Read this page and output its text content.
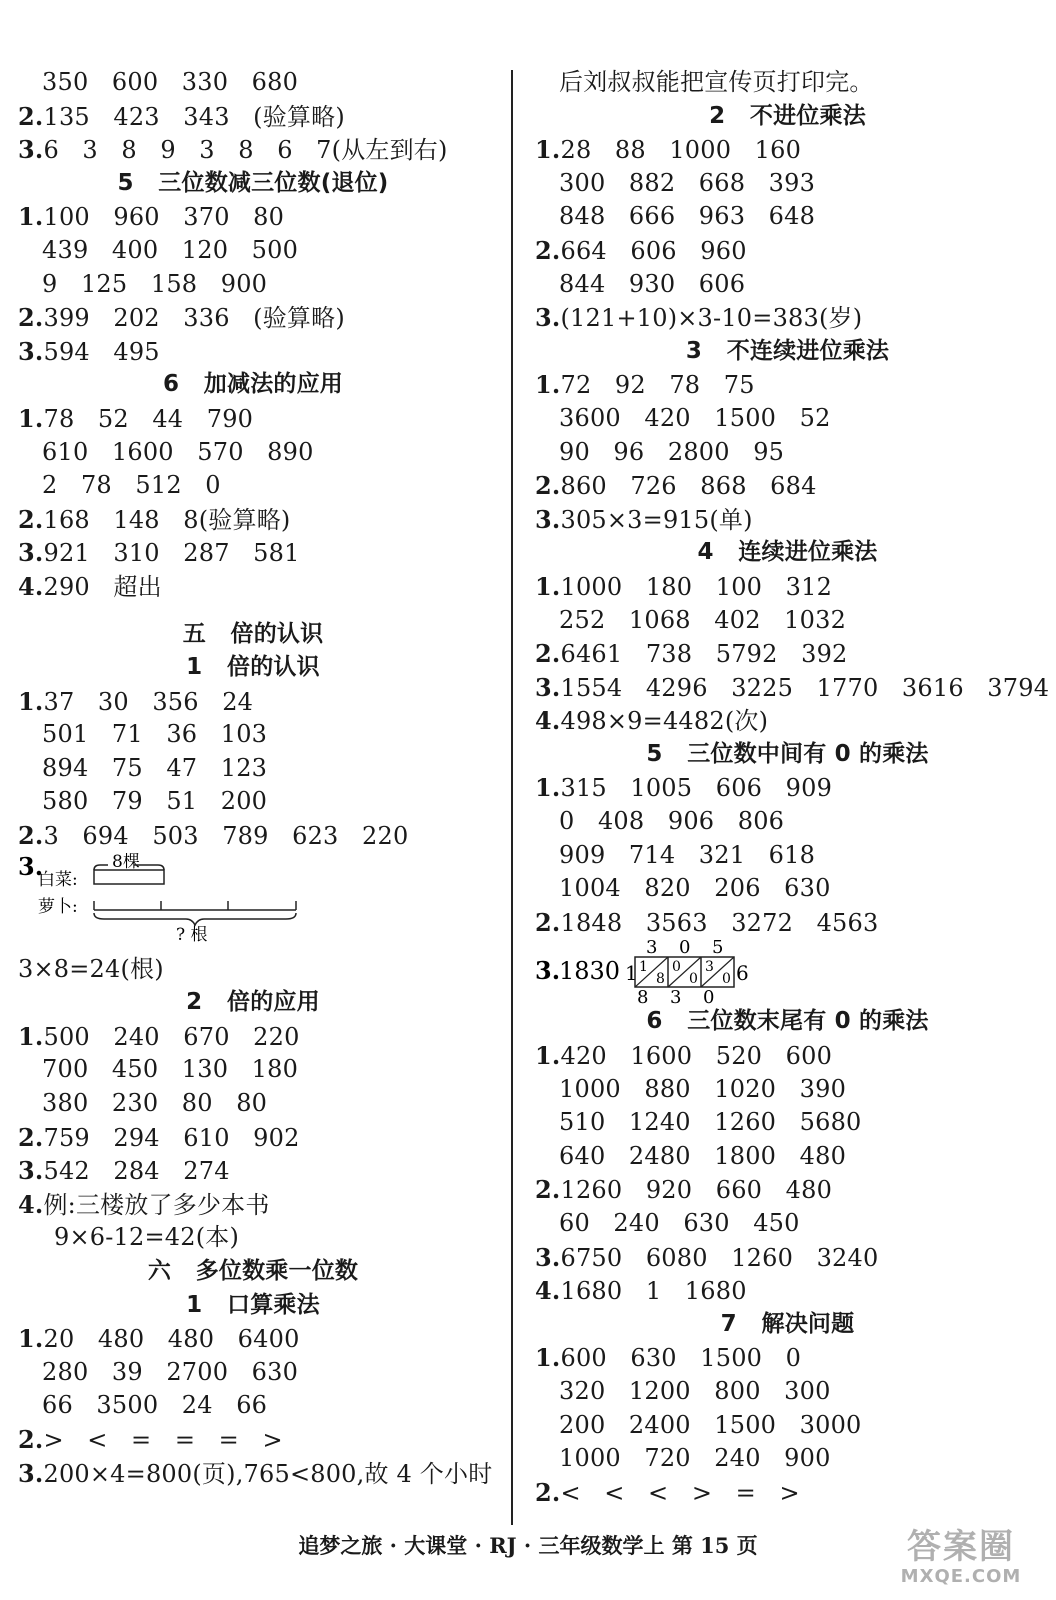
350   600   330   680
2.135   423   343   (验算略)
3.6   3   8   9   3   8   6   7(从左到右)
5   三位数减三位数(退位)
1.100   960   370   80
439   400   120   500
9   125   158   900
2.399   202   336   (验算略)
3.594   495
6   加减法的应用
1.78   52   44   790
610   1600   570   890
2   78   512   0
2.168   148   8(验算略)
3.921   310   287   581
4.290   超出
五   倍的认识
1   倍的认识
1.37   30   356   24
501   71   36   103
894   75   47   123
580   79   51   200
2.3   694   503   789   623   220
3.	8棵
白菜:
萝卜:
? 根
3×8=24(根)
2   倍的应用
1.500   240   670   220
700   450   130   180
380   230   80   80
2.759   294   610   902
3.542   284   274
4.例:三楼放了多少本书
9×6-12=42(本)
六   多位数乘一位数
1   口算乘法
1.20   480   480   6400
280   39   2700   630
66   3500   24   66
2.>   <   =   =   =   >
3.200×4=800(页),765<800,故 4 个小时
后刘叔叔能把宣传页打印完。
2   不进位乘法
1.28   88   1000   160
300   882   668   393
848   666   963   648
2.664   606   960
844   930   606
3.(121+10)×3-10=383(岁)
3   不连续进位乘法
1.72   92   78   75
3600   420   1500   52
90   96   2800   95
2.860   726   868   684
3.305×3=915(单)
4   连续进位乘法
1.1000   180   100   312
252   1068   402   1032
2.6461   738   5792   392
3.1554   4296   3225   1770   3616   3794
4.498×9=4482(次)
5   三位数中间有 0 的乘法
1.315   1005   606   909
0   408   906   806
909   714   321   618
1004   820   206   630
2.1848   3563   3272   4563
3.
1830 1
3 0 5
1
8
0
0
3
0 6
8 3 0
6   三位数末尾有 0 的乘法
1.420   1600   520   600
1000   880   1020   390
510   1240   1260   5680
640   2480   1800   480
2.1260   920   660   480
60   240   630   450
3.6750   6080   1260   3240
4.1680   1   1680
7   解决问题
1.600   630   1500   0
320   1200   800   300
200   2400   1500   3000
1000   720   240   900
2.<   <   <   >   =   >
追梦之旅 · 大课堂 · RJ · 三年级数学上 第 15 页	答案圈
MXQE.COM
